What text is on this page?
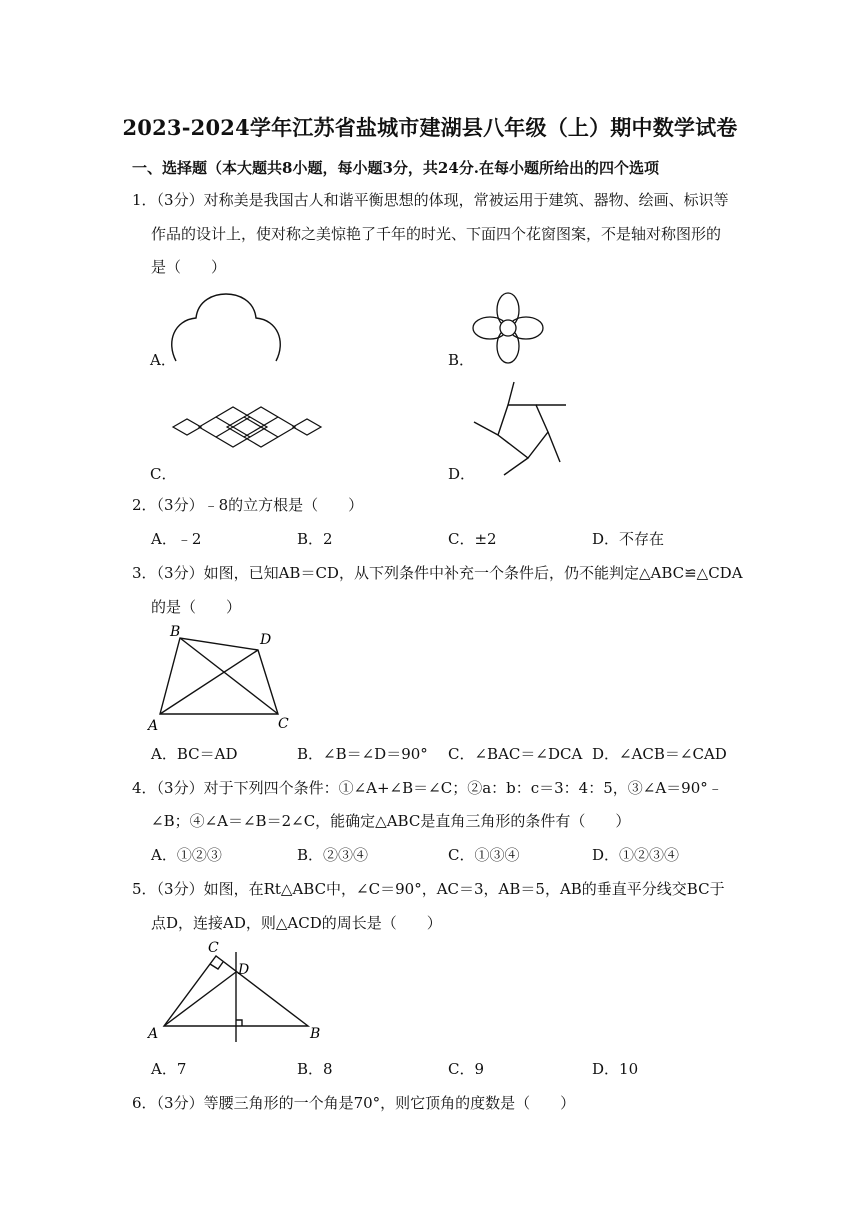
2023-2024学年江苏省盐城市建湖县八年级（上）期中数学试卷
一、选择题（本大题共8小题，每小题3分，共24分.在每小题所给出的四个选项
1．（3分）对称美是我国古人和谐平衡思想的体现，常被运用于建筑、器物、绘画、标识等
作品的设计上，使对称之美惊艳了千年的时光、下面四个花窗图案，不是轴对称图形的
是（　　）
A．	B．
C．	D．
2．（3分）﹣8的立方根是（　　）
A．﹣2	B．2	C．±2	D．不存在
3．（3分）如图，已知AB＝CD，从下列条件中补充一个条件后，仍不能判定△ABC≌△CDA
的是（　　）
B	D
A	C
A．BC＝AD	B．∠B＝∠D＝90° C．∠BAC＝∠DCA D．∠ACB＝∠CAD
4．（3分）对于下列四个条件：①∠A+∠B＝∠C；②a：b：c＝3：4：5，③∠A＝90°﹣
∠B；④∠A＝∠B＝2∠C，能确定△ABC是直角三角形的条件有（　　）
A．①②③	B．②③④	C．①③④	D．①②③④
5．（3分）如图，在Rt△ABC中，∠C＝90°，AC＝3，AB＝5，AB的垂直平分线交BC于
点D，连接AD，则△ACD的周长是（　　）
C
D
A	B
A．7	B．8	C．9	D．10
6．（3分）等腰三角形的一个角是70°，则它顶角的度数是（　　）
